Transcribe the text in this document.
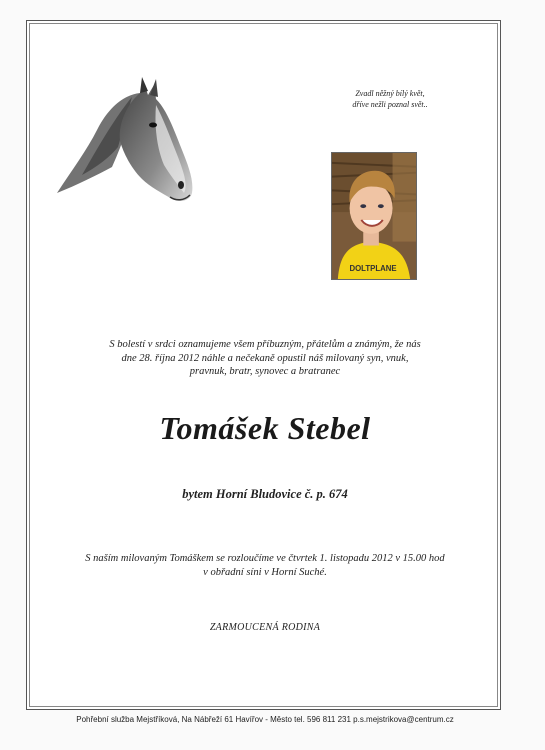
Zvadl něžný bílý květ,
dříve nežli poznal svět..
DOLTPLANE
S bolestí v srdci oznamujeme všem příbuzným, přátelům a známým, že nás
dne 28. října 2012 náhle a nečekaně opustil náš milovaný syn, vnuk,
pravnuk, bratr, synovec a bratranec
Tomášek Stebel
bytem Horní Bludovice č. p. 674
S naším milovaným Tomáškem se rozloučíme ve čtvrtek 1. listopadu 2012 v 15.00 hod
v obřadní síni v Horní Suché.
ZARMOUCENÁ RODINA
Pohřební služba Mejstříková, Na Nábřeží 61 Havířov - Město tel. 596 811 231 p.s.mejstrikova@centrum.cz
